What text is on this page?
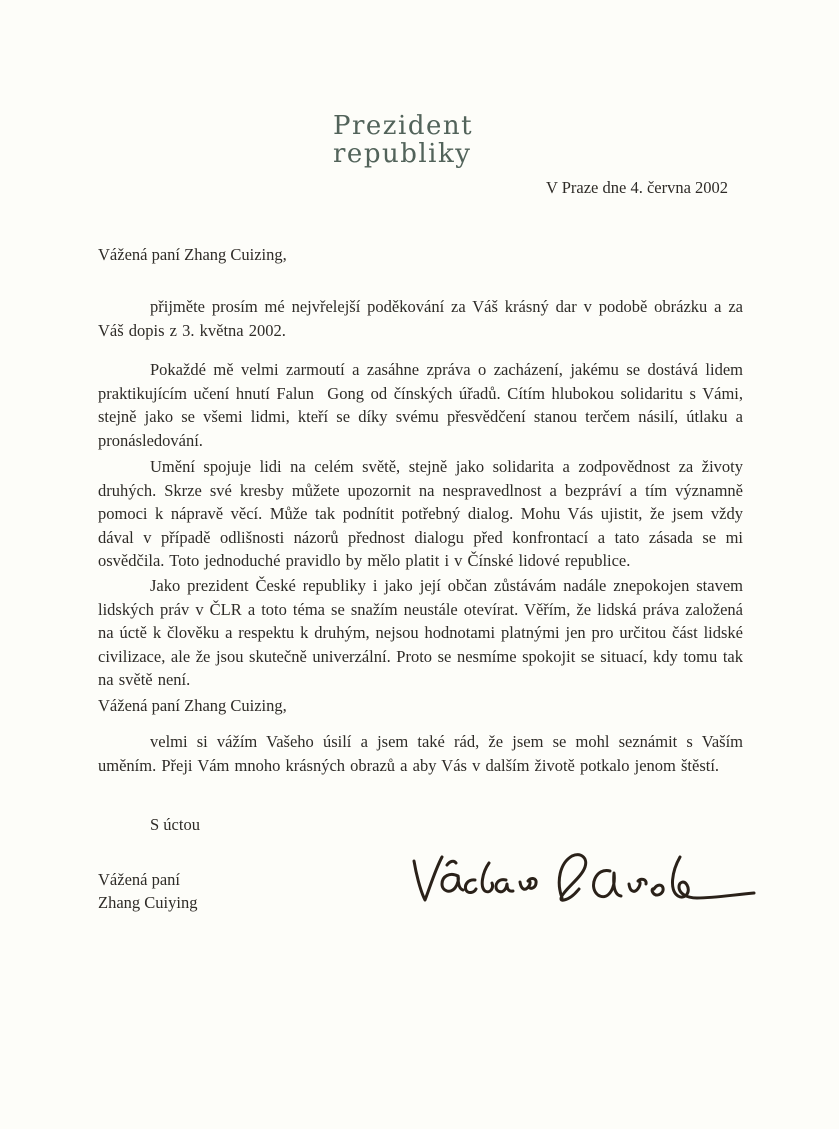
Prezident
republiky
V Praze dne 4. června 2002

Vážená paní Zhang Cuizing,

přijměte prosím mé nejvřelejší poděkování za Váš krásný dar v podobě obrázku a za Váš dopis z 3. května 2002.

Pokaždé mě velmi zarmoutí a zasáhne zpráva o zacházení, jakému se dostává lidem praktikujícím učení hnutí Falun  Gong od čínských úřadů. Cítím hlubokou solidaritu s Vámi, stejně jako se všemi lidmi, kteří se díky svému přesvědčení stanou terčem násilí, útlaku a pronásledování.

Umění spojuje lidi na celém světě, stejně jako solidarita a zodpovědnost za životy druhých. Skrze své kresby můžete upozornit na nespravedlnost a bezpráví a tím významně pomoci k nápravě věcí. Může tak podnítit potřebný dialog. Mohu Vás ujistit, že jsem vždy dával v případě odlišnosti názorů přednost dialogu před konfrontací a tato zásada se mi osvědčila. Toto jednoduché pravidlo by mělo platit i v Čínské lidové republice.

Jako prezident České republiky i jako její občan zůstávám nadále znepokojen stavem lidských práv v ČLR a toto téma se snažím neustále otevírat. Věřím, že lidská práva založená na úctě k člověku a respektu k druhým, nejsou hodnotami platnými jen pro určitou část lidské civilizace, ale že jsou skutečně univerzální. Proto se nesmíme spokojit se situací, kdy tomu tak na světě není.

Vážená paní Zhang Cuizing,

velmi si vážím Vašeho úsilí a jsem také rád, že jsem se mohl seznámit s Vaším uměním. Přeji Vám mnoho krásných obrazů a aby Vás v dalším životě potkalo jenom štěstí.

S úctou

Vážená paní
Zhang Cuiying
